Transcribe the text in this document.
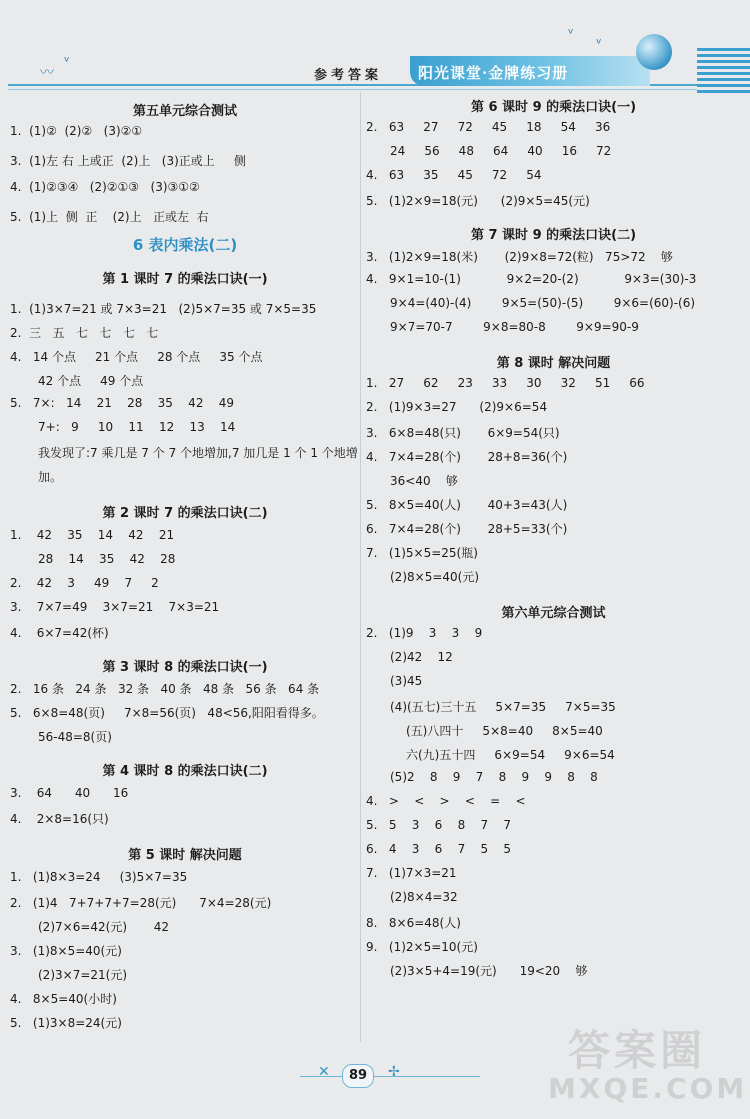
〰
ᵛ
ᵛ
ᵛ
参考答案 阳光课堂·金牌练习册
第五单元综合测试
1.  (1)②  (2)②   (3)②①
3.  (1)左 右 上或正  (2)上   (3)正或上     侧
4.  (1)②③④   (2)②①③   (3)③①②
5.  (1)上  侧  正    (2)上   正或左  右
6 表内乘法(二)
第 1 课时 7 的乘法口诀(一)
1.  (1)3×7=21 或 7×3=21   (2)5×7=35 或 7×5=35
2.  三   五   七   七   七   七
4.   14 个点     21 个点     28 个点     35 个点
42 个点     49 个点
5.   7×:   14    21    28    35    42    49
7+:   9     10    11    12    13    14
我发现了:7 乘几是 7 个 7 个地增加,7 加几是 1 个 1 个地增
加。
第 2 课时 7 的乘法口诀(二)
1.    42    35    14    42    21
28    14    35    42    28
2.    42    3     49    7     2
3.    7×7=49    3×7=21    7×3=21
4.    6×7=42(杯)
第 3 课时 8 的乘法口诀(一)
2.   16 条   24 条   32 条   40 条   48 条   56 条   64 条
5.   6×8=48(页)     7×8=56(页)   48<56,阳阳看得多。
56-48=8(页)
第 4 课时 8 的乘法口诀(二)
3.    64      40      16
4.    2×8=16(只)
第 5 课时 解决问题
1.   (1)8×3=24     (3)5×7=35
2.   (1)4   7+7+7+7=28(元)      7×4=28(元)
(2)7×6=42(元)       42
3.   (1)8×5=40(元)
(2)3×7=21(元)
4.   8×5=40(小时)
5.   (1)3×8=24(元)
第 6 课时 9 的乘法口诀(一)
2.   63     27     72     45     18     54     36
24     56     48     64     40     16     72
4.   63     35     45     72     54
5.   (1)2×9=18(元)      (2)9×5=45(元)
第 7 课时 9 的乘法口诀(二)
3.   (1)2×9=18(米)       (2)9×8=72(粒)   75>72    够
4.   9×1=10-(1)            9×2=20-(2)            9×3=(30)-3
9×4=(40)-(4)        9×5=(50)-(5)        9×6=(60)-(6)
9×7=70-7        9×8=80-8        9×9=90-9
第 8 课时 解决问题
1.   27     62     23     33     30     32     51     66
2.   (1)9×3=27      (2)9×6=54
3.   6×8=48(只)       6×9=54(只)
4.   7×4=28(个)       28+8=36(个)
36<40    够
5.   8×5=40(人)       40+3=43(人)
6.   7×4=28(个)       28+5=33(个)
7.   (1)5×5=25(瓶)
(2)8×5=40(元)
第六单元综合测试
2.   (1)9    3    3    9
(2)42    12
(3)45
(4)(五七)三十五     5×7=35     7×5=35
(五)八四十     5×8=40     8×5=40
六(九)五十四     6×9=54     9×6=54
(5)2    8    9    7    8    9    9    8    8
4.   >    <    >    <    =    <
5.   5    3    6    8    7    7
6.   4    3    6    7    5    5
7.   (1)7×3=21
(2)8×4=32
8.   8×6=48(人)
9.   (1)2×5=10(元)
(2)3×5+4=19(元)      19<20    够
✕	89	✢	答案圈
MXQE.COM
